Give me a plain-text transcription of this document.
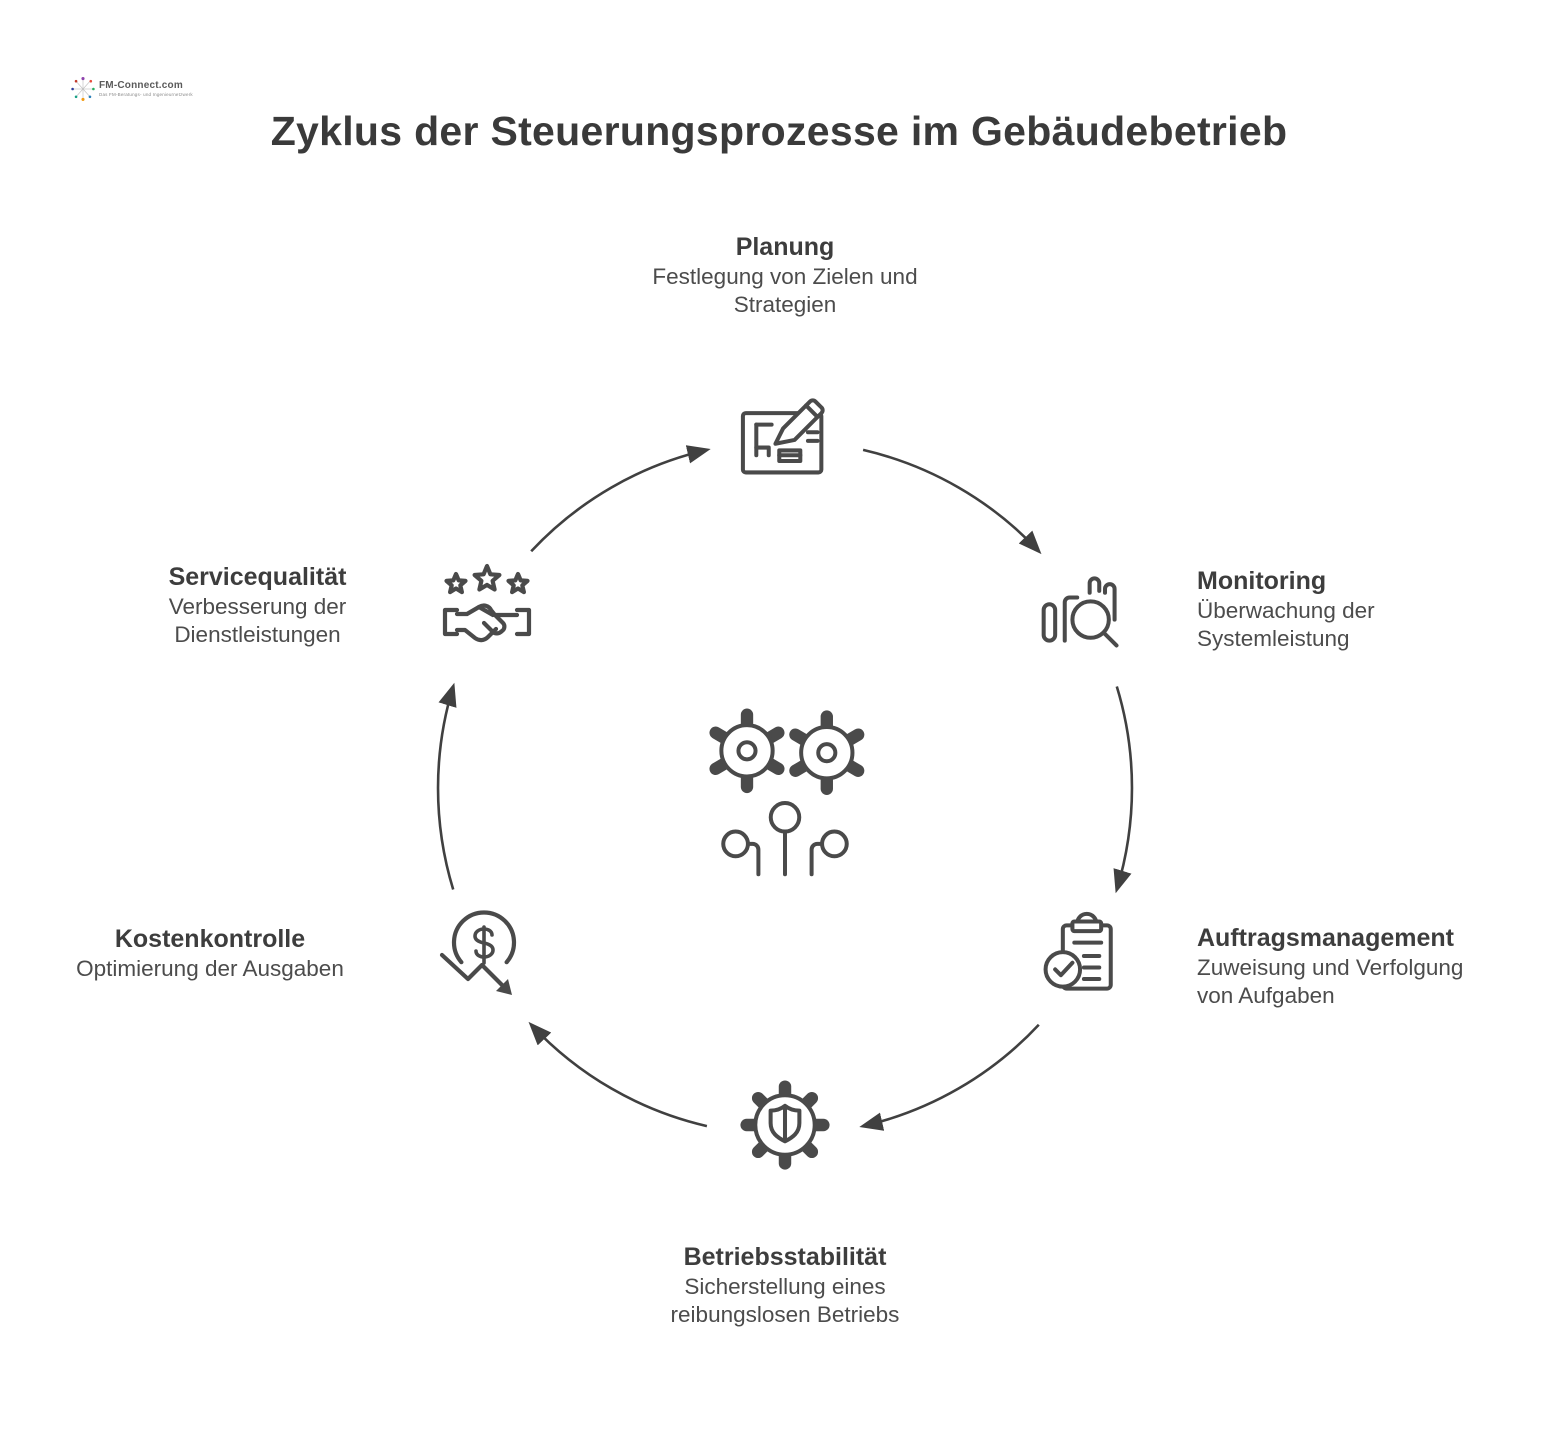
FM-Connect.com
Das FM-Beratungs- und Ingenieurnetzwerk
Zyklus der Steuerungsprozesse im Gebäudebetrieb
Planung
Festlegung von Zielen und
Strategien
Monitoring
Überwachung der
Systemleistung
Auftragsmanagement
Zuweisung und Verfolgung
von Aufgaben
Betriebsstabilität
Sicherstellung eines
reibungslosen Betriebs
Kostenkontrolle
Optimierung der Ausgaben
Servicequalität
Verbesserung der
Dienstleistungen
